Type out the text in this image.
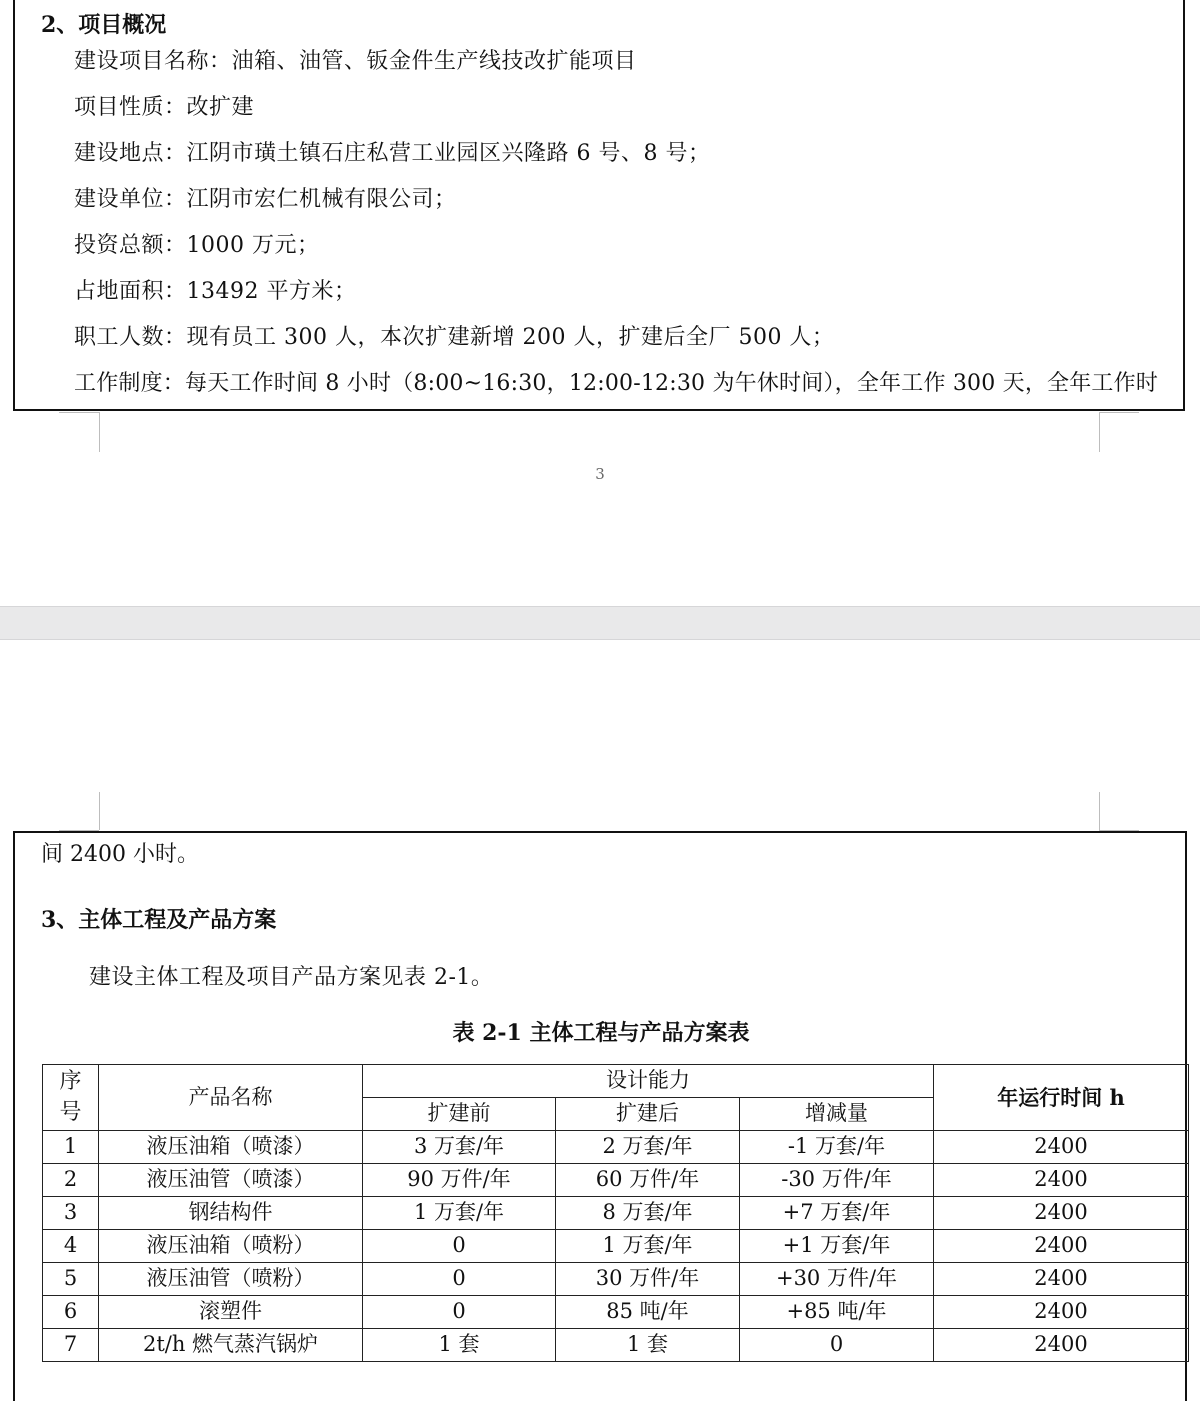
2、项目概况
建设项目名称：油箱、油管、钣金件生产线技改扩能项目
项目性质：改扩建
建设地点：江阴市璜土镇石庄私营工业园区兴隆路 6 号、8 号；
建设单位：江阴市宏仁机械有限公司；
投资总额：1000 万元；
占地面积：13492 平方米；
职工人数：现有员工 300 人，本次扩建新增 200 人，扩建后全厂 500 人；
工作制度：每天工作时间 8 小时（8:00~16:30，12:00-12:30 为午休时间），全年工作 300 天，全年工作时
3
间 2400 小时。
3、主体工程及产品方案
建设主体工程及项目产品方案见表 2-1。
表 2-1 主体工程与产品方案表
序号	产品名称	设计能力			年运行时间 h
		扩建前	扩建后	增减量	
1	液压油箱（喷漆）	3 万套/年	2 万套/年	-1 万套/年	2400
2	液压油管（喷漆）	90 万件/年	60 万件/年	-30 万件/年	2400
3	钢结构件	1 万套/年	8 万套/年	+7 万套/年	2400
4	液压油箱（喷粉）	0	1 万套/年	+1 万套/年	2400
5	液压油管（喷粉）	0	30 万件/年	+30 万件/年	2400
6	滚塑件	0	85 吨/年	+85 吨/年	2400
7	2t/h 燃气蒸汽锅炉	1 套	1 套	0	2400
